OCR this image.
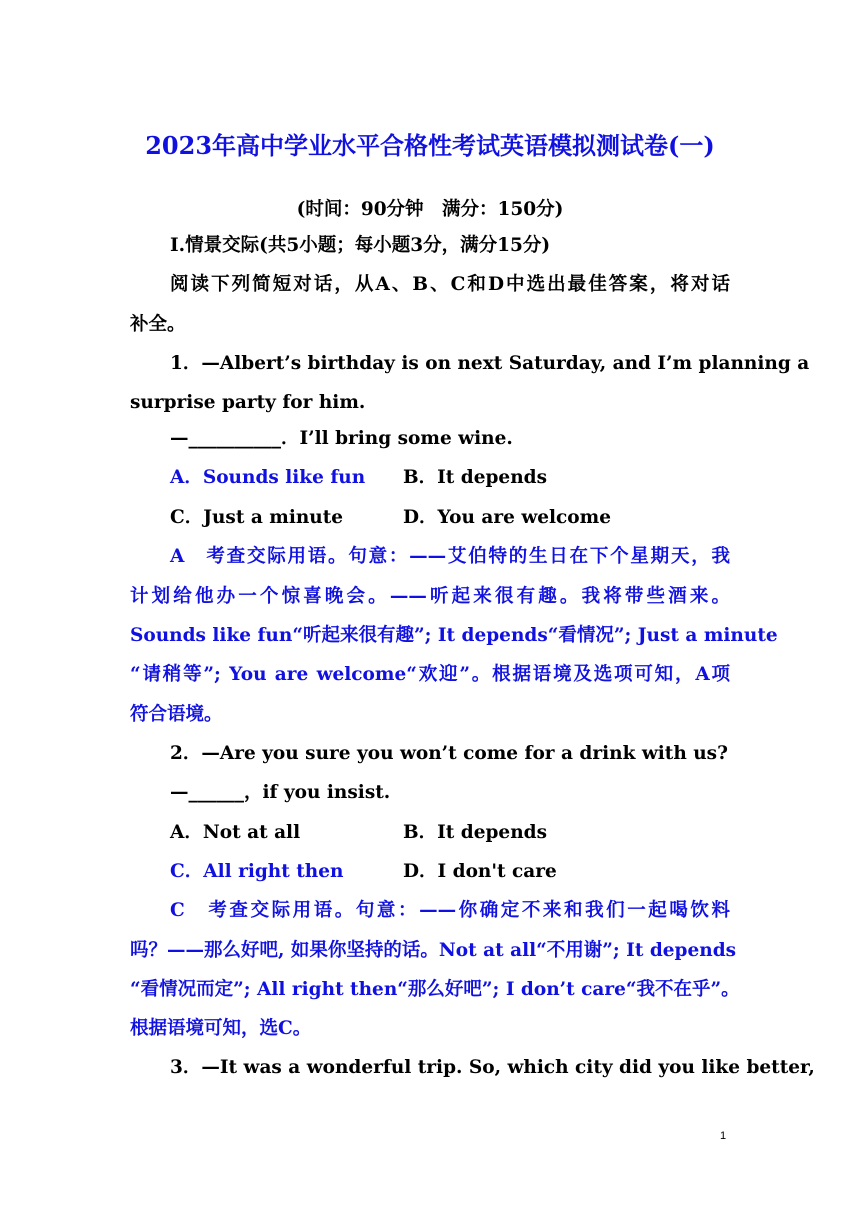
2023年高中学业水平合格性考试英语模拟测试卷(一)
(时间：90分钟　满分：150分)
Ⅰ.情景交际(共5小题；每小题3分，满分15分)
阅读下列简短对话，从A、B、C和D中选出最佳答案，将对话
补全。
1．—Albert’s birthday is on next Saturday, and I’m planning a
surprise party for him.
—__________．I’ll bring some wine.
A．Sounds like fun B．It depends
C．Just a minute	D．You are welcome
A　考查交际用语。句意：——艾伯特的生日在下个星期天，我
计划给他办一个惊喜晚会。——听起来很有趣。我将带些酒来。
Sounds like fun“听起来很有趣”; It depends“看情况”; Just a minute
“请稍等”; You are welcome“欢迎”。根据语境及选项可知，A项
符合语境。
2．—Are you sure you won’t come for a drink with us?
—______，if you insist.
A．Not at all	B．It depends
C．All right then	D．I don't care
C　考查交际用语。句意：——你确定不来和我们一起喝饮料
吗？——那么好吧, 如果你坚持的话。Not at all“不用谢”; It depends
“看情况而定”; All right then“那么好吧”; I don’t care“我不在乎”。
根据语境可知，选C。
3．—It was a wonderful trip. So, which city did you like better,
1
